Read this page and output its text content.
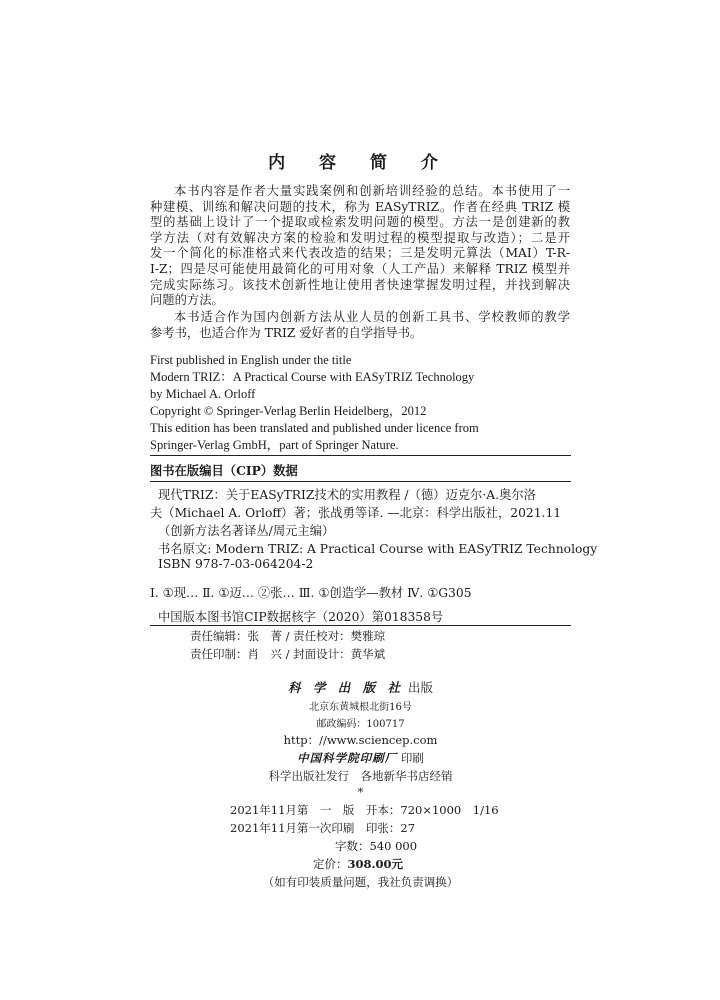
内 容 简 介
本书内容是作者大量实践案例和创新培训经验的总结。本书使用了一
种建模、训练和解决问题的技术，称为 EASyTRIZ。作者在经典 TRIZ 模
型的基础上设计了一个提取或检索发明问题的模型。方法一是创建新的教
学方法（对有效解决方案的检验和发明过程的模型提取与改造）；二是开
发一个简化的标准格式来代表改造的结果；三是发明元算法（MAI）T-R-
I-Z；四是尽可能使用最简化的可用对象（人工产品）来解释 TRIZ 模型并
完成实际练习。该技术创新性地让使用者快速掌握发明过程，并找到解决
问题的方法。
本书适合作为国内创新方法从业人员的创新工具书、学校教师的教学
参考书，也适合作为 TRIZ 爱好者的自学指导书。
First published in English under the title
Modern TRIZ：A Practical Course with EASyTRIZ Technology
by Michael A. Orloff
Copyright © Springer-Verlag Berlin Heidelberg，2012
This edition has been translated and published under licence from
Springer-Verlag GmbH，part of Springer Nature.
图书在版编目（CIP）数据
现代TRIZ：关于EASyTRIZ技术的实用教程 /（德）迈克尔·A.奥尔洛
夫（Michael A. Orloff）著；张战勇等译. —北京：科学出版社，2021.11
（创新方法名著译丛/周元主编）
书名原文: Modern TRIZ: A Practical Course with EASyTRIZ Technology
ISBN 978-7-03-064204-2
Ⅰ. ①现… Ⅱ. ①迈… ②张… Ⅲ. ①创造学—教材 Ⅳ. ①G305
中国版本图书馆CIP数据核字（2020）第018358号
责任编辑：张　菁 / 责任校对：樊雅琼
责任印制：肖　兴 / 封面设计：黄华斌
科 学 出 版 社 出版
北京东黄城根北街16号
邮政编码：100717
http：//www.sciencep.com
中国科学院印刷厂 印刷
科学出版社发行　各地新华书店经销
*
2021年11月第　一　版　开本：720×1000　1/16
2021年11月第一次印刷　印张：27
字数：540 000
定价：308.00元
（如有印装质量问题，我社负责调换）
